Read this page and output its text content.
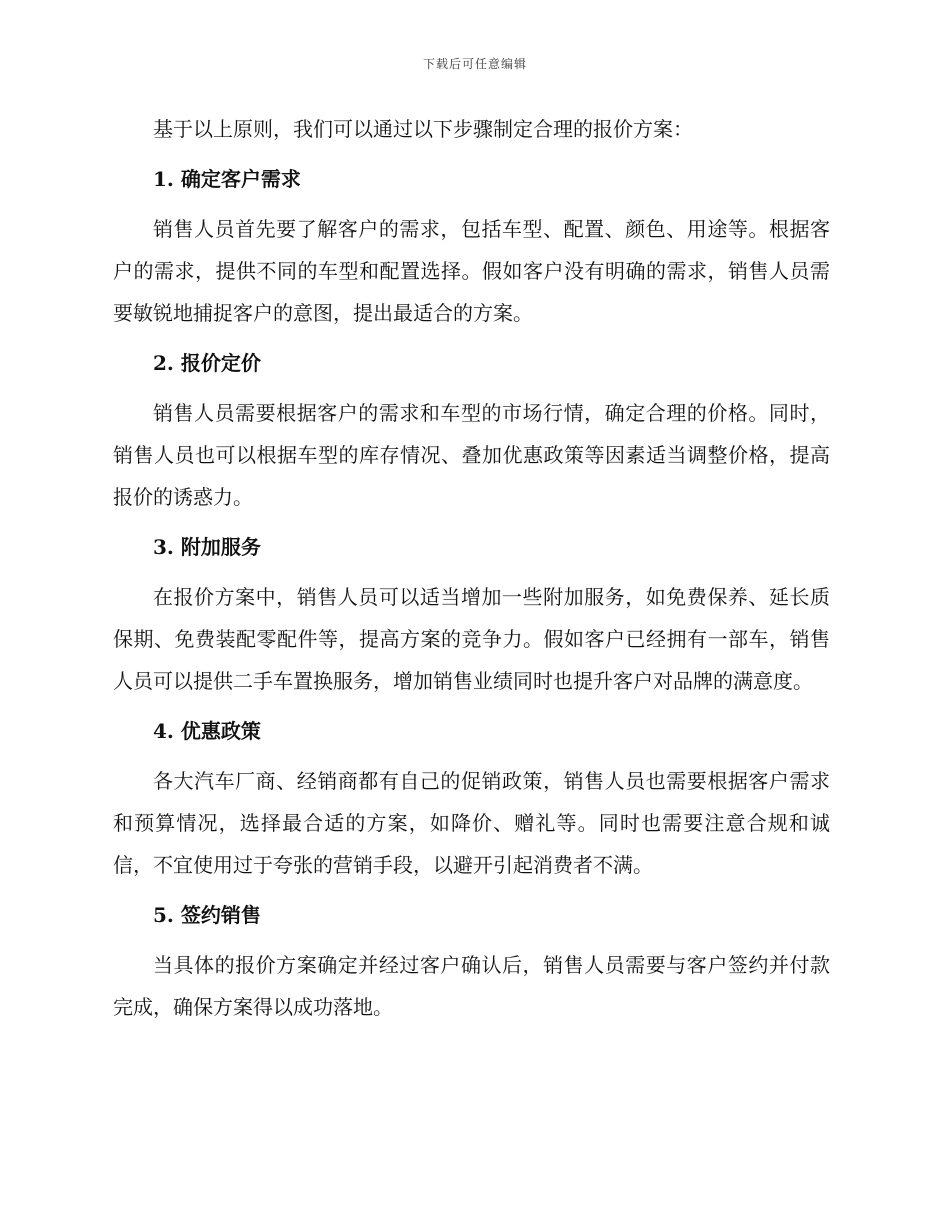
下载后可任意编辑

基于以上原则，我们可以通过以下步骤制定合理的报价方案：

1. 确定客户需求

销售人员首先要了解客户的需求，包括车型、配置、颜色、用途等。根据客户的需求，提供不同的车型和配置选择。假如客户没有明确的需求，销售人员需要敏锐地捕捉客户的意图，提出最适合的方案。

2. 报价定价

销售人员需要根据客户的需求和车型的市场行情，确定合理的价格。同时，销售人员也可以根据车型的库存情况、叠加优惠政策等因素适当调整价格，提高报价的诱惑力。

3. 附加服务

在报价方案中，销售人员可以适当增加一些附加服务，如免费保养、延长质保期、免费装配零配件等，提高方案的竞争力。假如客户已经拥有一部车，销售人员可以提供二手车置换服务，增加销售业绩同时也提升客户对品牌的满意度。

4. 优惠政策

各大汽车厂商、经销商都有自己的促销政策，销售人员也需要根据客户需求和预算情况，选择最合适的方案，如降价、赠礼等。同时也需要注意合规和诚信，不宜使用过于夸张的营销手段，以避开引起消费者不满。

5. 签约销售

当具体的报价方案确定并经过客户确认后，销售人员需要与客户签约并付款完成，确保方案得以成功落地。
